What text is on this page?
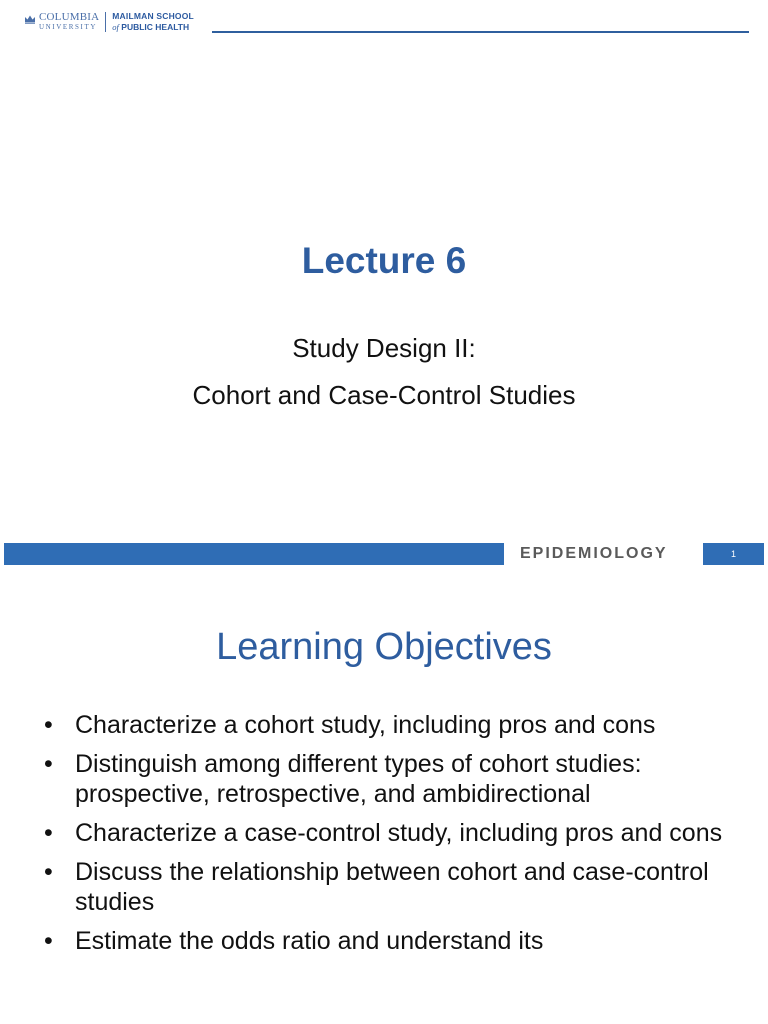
COLUMBIA
UNIVERSITY
MAILMAN SCHOOL
of PUBLIC HEALTH
Lecture 6
Study Design II:
Cohort and Case-Control Studies
EPIDEMIOLOGY	1
Learning Objectives
• Characterize a cohort study, including pros and cons
• Distinguish among different types of cohort studies: prospective, retrospective, and ambidirectional
• Characterize a case-control study, including pros and cons
• Discuss the relationship between cohort and case-control studies
• Estimate the odds ratio and understand its
